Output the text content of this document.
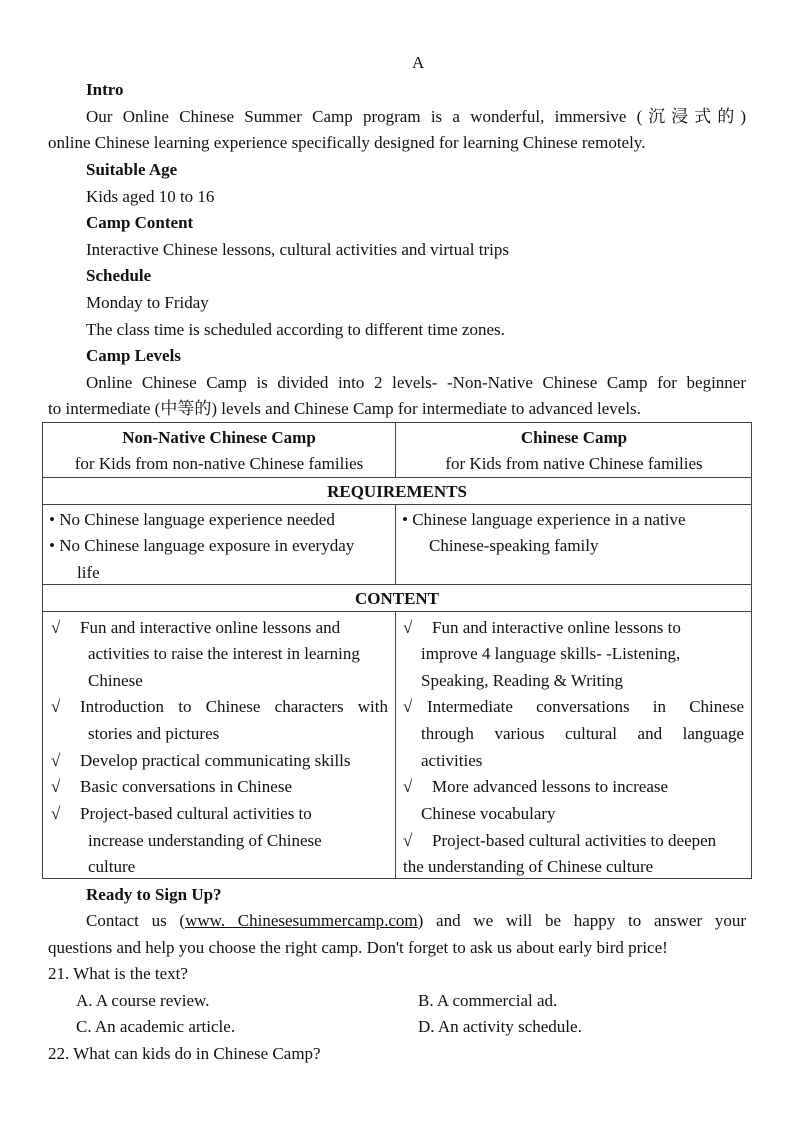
A
Intro
Our Online Chinese Summer Camp program is a wonderful, immersive (沉浸式的)
online Chinese learning experience specifically designed for learning Chinese remotely.
Suitable Age
Kids aged 10 to 16
Camp Content
Interactive Chinese lessons, cultural activities and virtual trips
Schedule
Monday to Friday
The class time is scheduled according to different time zones.
Camp Levels
Online Chinese Camp is divided into 2 levels- -Non-Native Chinese Camp for beginner
to intermediate (中等的) levels and Chinese Camp for intermediate to advanced levels.
Non-Native Chinese Camp
for Kids from non-native Chinese families
Chinese Camp
for Kids from native Chinese families
REQUIREMENTS
• No Chinese language experience needed
• No Chinese language exposure in everyday
life
• Chinese language experience in a native
Chinese-speaking family
CONTENT
√ Fun and interactive online lessons and
activities to raise the interest in learning
Chinese
√ Introduction to Chinese characters with
stories and pictures
√ Develop practical communicating skills
√ Basic conversations in Chinese
√ Project-based cultural activities to
increase understanding of Chinese
culture
√ Fun and interactive online lessons to
improve 4 language skills- -Listening,
Speaking, Reading & Writing
√ Intermediate conversations in Chinese
through various cultural and language
activities
√ More advanced lessons to increase
Chinese vocabulary
√ Project-based cultural activities to deepen
the understanding of Chinese culture
Ready to Sign Up?
Contact us (www. Chinesesummercamp.com) and we will be happy to answer your
questions and help you choose the right camp. Don't forget to ask us about early bird price!
21. What is the text?
A. A course review.	B. A commercial ad.
C. An academic article.	D. An activity schedule.
22. What can kids do in Chinese Camp?
